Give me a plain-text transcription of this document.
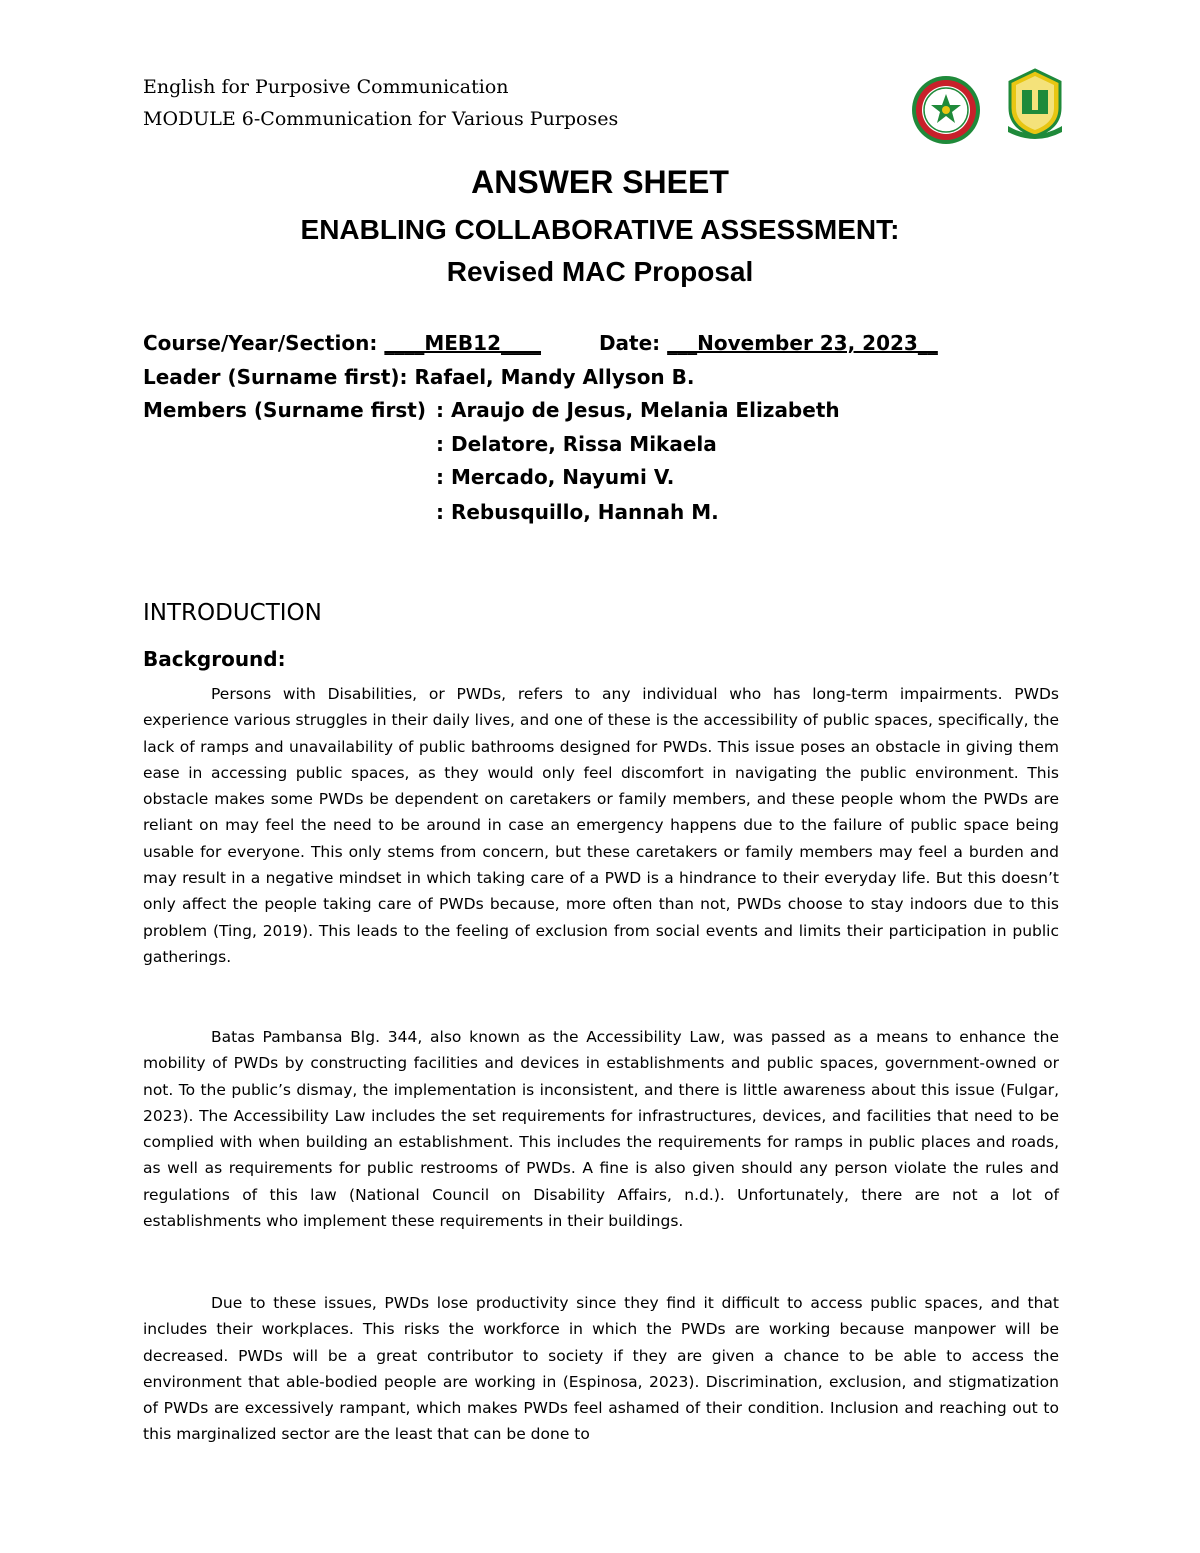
English for Purposive Communication
MODULE 6-Communication for Various Purposes
ANSWER SHEET
ENABLING COLLABORATIVE ASSESSMENT:
Revised MAC Proposal
Course/Year/Section: ____MEB12____	Date: ___November 23, 2023__
Leader (Surname first): Rafael, Mandy Allyson B.
Members (Surname first) : Araujo de Jesus, Melania Elizabeth
: Delatore, Rissa Mikaela
: Mercado, Nayumi V.
: Rebusquillo, Hannah M.
INTRODUCTION
Background:

Persons with Disabilities, or PWDs, refers to any individual who has long-term impairments. PWDs experience various struggles in their daily lives, and one of these is the accessibility of public spaces, specifically, the lack of ramps and unavailability of public bathrooms designed for PWDs. This issue poses an obstacle in giving them ease in accessing public spaces, as they would only feel discomfort in navigating the public environment. This obstacle makes some PWDs be dependent on caretakers or family members, and these people whom the PWDs are reliant on may feel the need to be around in case an emergency happens due to the failure of public space being usable for everyone. This only stems from concern, but these caretakers or family members may feel a burden and may result in a negative mindset in which taking care of a PWD is a hindrance to their everyday life. But this doesn’t only affect the people taking care of PWDs because, more often than not, PWDs choose to stay indoors due to this problem (Ting, 2019). This leads to the feeling of exclusion from social events and limits their participation in public gatherings.

Batas Pambansa Blg. 344, also known as the Accessibility Law, was passed as a means to enhance the mobility of PWDs by constructing facilities and devices in establishments and public spaces, government-owned or not. To the public’s dismay, the implementation is inconsistent, and there is little awareness about this issue (Fulgar, 2023). The Accessibility Law includes the set requirements for infrastructures, devices, and facilities that need to be complied with when building an establishment. This includes the requirements for ramps in public places and roads, as well as requirements for public restrooms of PWDs. A fine is also given should any person violate the rules and regulations of this law (National Council on Disability Affairs, n.d.). Unfortunately, there are not a lot of establishments who implement these requirements in their buildings.

Due to these issues, PWDs lose productivity since they find it difficult to access public spaces, and that includes their workplaces. This risks the workforce in which the PWDs are working because manpower will be decreased. PWDs will be a great contributor to society if they are given a chance to be able to access the environment that able-bodied people are working in (Espinosa, 2023). Discrimination, exclusion, and stigmatization of PWDs are excessively rampant, which makes PWDs feel ashamed of their condition. Inclusion and reaching out to this marginalized sector are the least that can be done to
